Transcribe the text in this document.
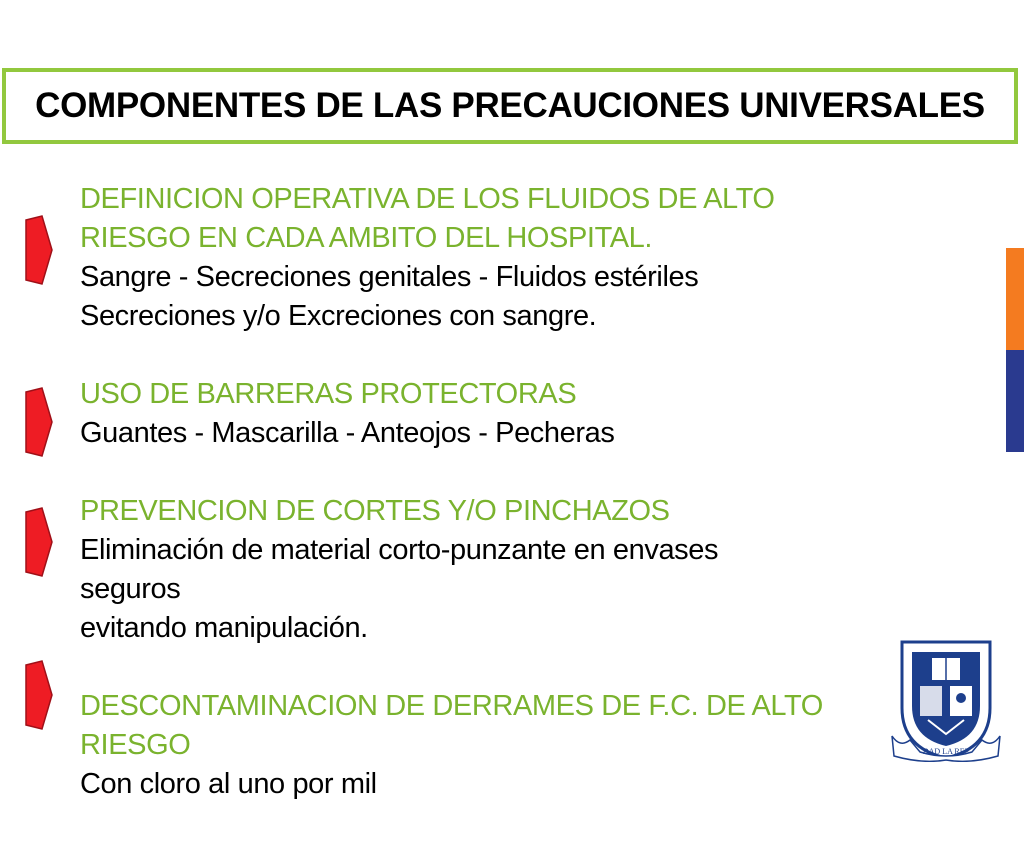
COMPONENTES DE LAS PRECAUCIONES UNIVERSALES
DEFINICION OPERATIVA DE LOS FLUIDOS DE ALTO
RIESGO EN CADA AMBITO DEL HOSPITAL.
Sangre - Secreciones genitales - Fluidos estériles
Secreciones y/o Excreciones con sangre.
USO DE BARRERAS PROTECTORAS
Guantes - Mascarilla - Anteojos - Pecheras
PREVENCION DE CORTES Y/O PINCHAZOS
Eliminación de material corto-punzante en envases
seguros
evitando manipulación.
DESCONTAMINACION DE DERRAMES DE F.C. DE ALTO
RIESGO
Con cloro al uno por mil
DAD LA REP
